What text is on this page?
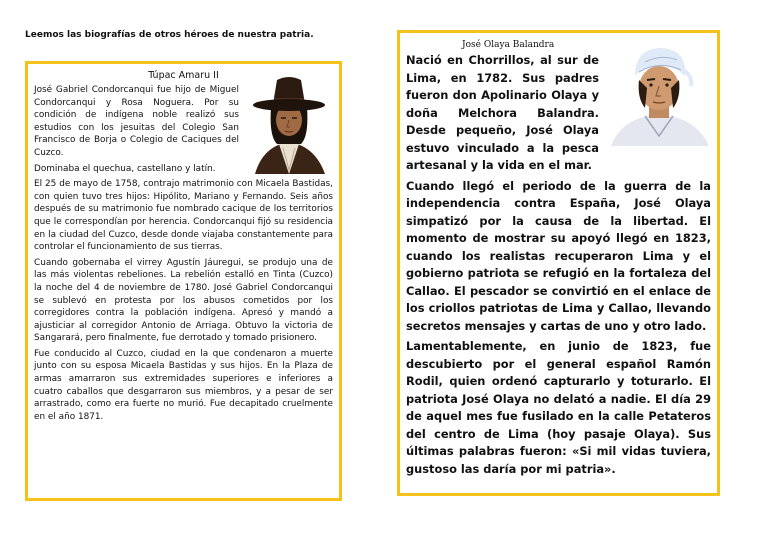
Leemos las biografías de otros héroes de nuestra patria.
Túpac Amaru II

José Gabriel Condorcanqui fue hijo de Miguel Condorcanqui y Rosa Noguera. Por su condición de indígena noble realizó sus estudios con los jesuitas del Colegio San Francisco de Borja o Colegio de Caciques del Cuzco.

Dominaba el quechua, castellano y latín.

El 25 de mayo de 1758, contrajo matrimonio con Micaela Bastidas, con quien tuvo tres hijos: Hipólito, Mariano y Fernando. Seis años después de su matrimonio fue nombrado cacique de los territorios que le correspondían por herencia. Condorcanqui fijó su residencia en la ciudad del Cuzco, desde donde viajaba constantemente para controlar el funcionamiento de sus tierras.

Cuando gobernaba el virrey Agustín Jáuregui, se produjo una de las más violentas rebeliones. La rebelión estalló en Tinta (Cuzco) la noche del 4 de noviembre de 1780. José Gabriel Condorcanqui se sublevó en protesta por los abusos cometidos por los corregidores contra la población indígena. Apresó y mandó a ajusticiar al corregidor Antonio de Arriaga. Obtuvo la victoria de Sangarará, pero finalmente, fue derrotado y tomado prisionero.

Fue conducido al Cuzco, ciudad en la que condenaron a muerte junto con su esposa Micaela Bastidas y sus hijos. En la Plaza de armas amarraron sus extremidades superiores e inferiores a cuatro caballos que desgarraron sus miembros, y a pesar de ser arrastrado, como era fuerte no murió. Fue decapitado cruelmente en el año 1871.

José Olaya Balandra

Nació en Chorrillos, al sur de Lima, en 1782. Sus padres fueron don Apolinario Olaya y doña Melchora Balandra. Desde pequeño, José Olaya estuvo vinculado a la pesca artesanal y la vida en el mar.

Cuando llegó el periodo de la guerra de la independencia contra España, José Olaya simpatizó por la causa de la libertad. El momento de mostrar su apoyó llegó en 1823, cuando los realistas recuperaron Lima y el gobierno patriota se refugió en la fortaleza del Callao. El pescador se convirtió en el enlace de los criollos patriotas de Lima y Callao, llevando secretos mensajes y cartas de uno y otro lado.

Lamentablemente, en junio de 1823, fue descubierto por el general español Ramón Rodil, quien ordenó capturarlo y toturarlo. El patriota José Olaya no delató a nadie. El día 29 de aquel mes fue fusilado en la calle Petateros del centro de Lima (hoy pasaje Olaya). Sus últimas palabras fueron: «Si mil vidas tuviera, gustoso las daría por mi patria».
